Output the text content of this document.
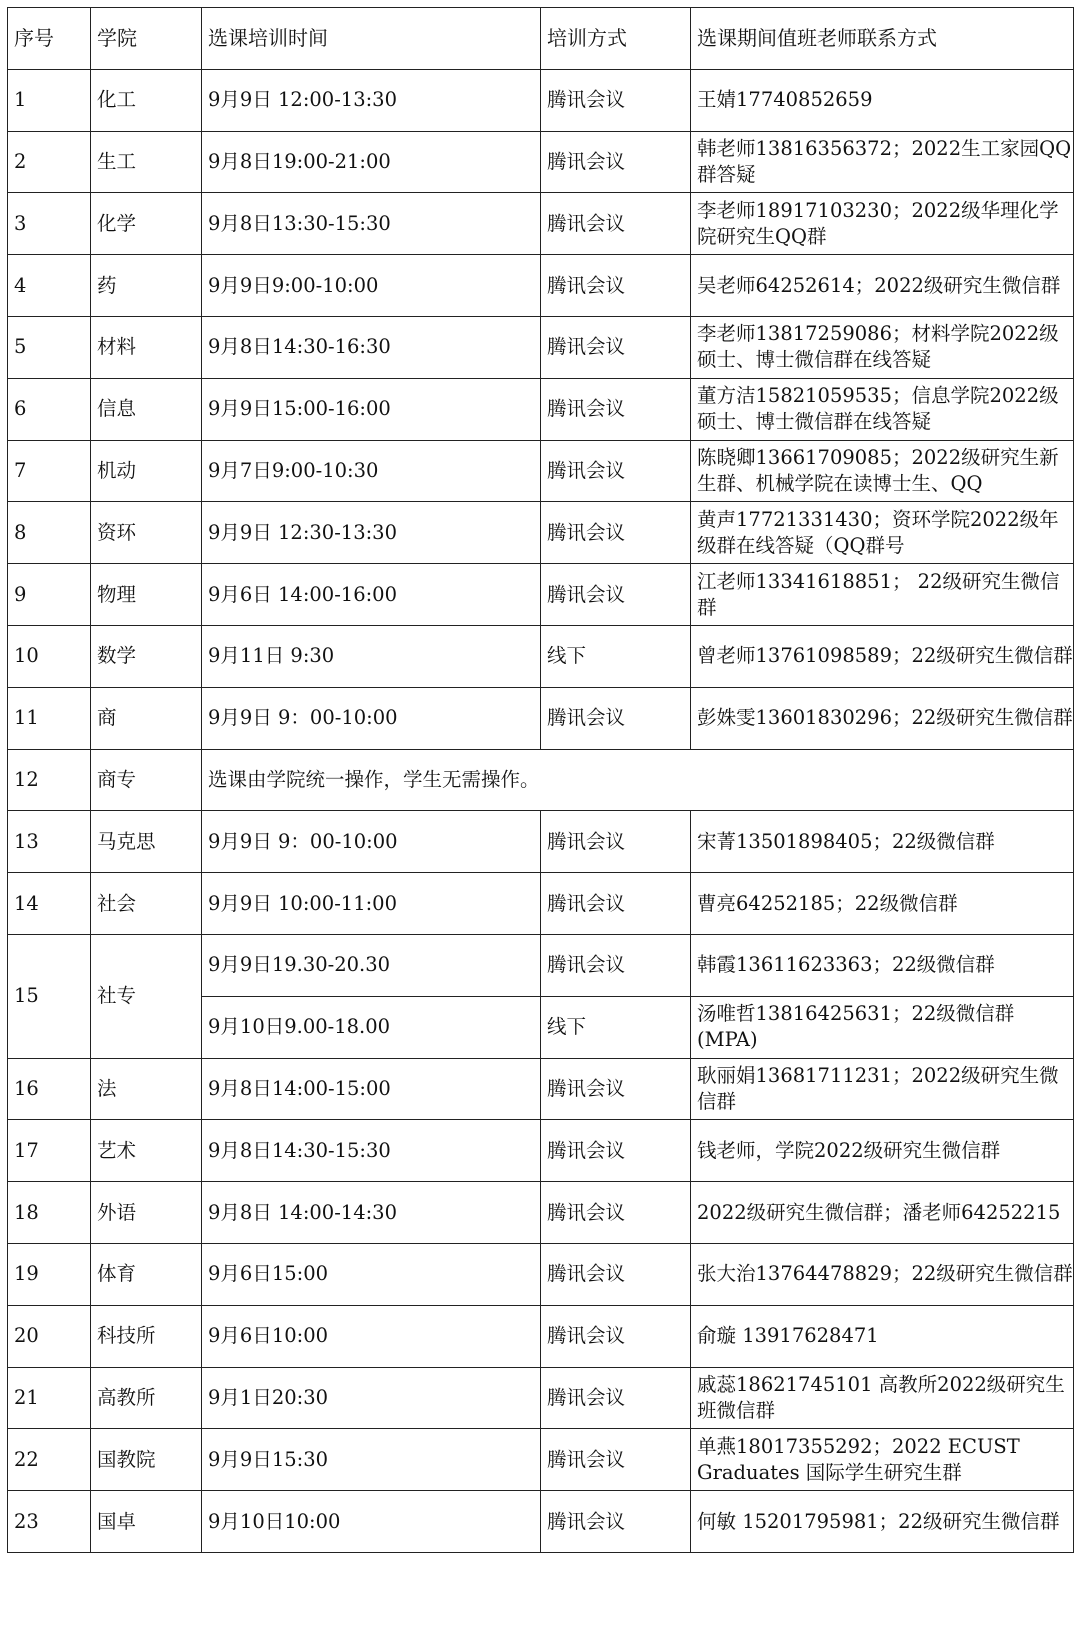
序号	学院	选课培训时间	培训方式	选课期间值班老师联系方式
1	化工	9月9日 12:00-13:30	腾讯会议	王婧17740852659

2	生工	9月8日19:00-21:00	腾讯会议	韩老师13816356372；2022生工家园QQ群答疑

3	化学	9月8日13:30-15:30	腾讯会议	李老师18917103230；2022级华理化学院研究生QQ群

4	药	9月9日9:00-10:00	腾讯会议	吴老师64252614；2022级研究生微信群

5	材料	9月8日14:30-16:30	腾讯会议	李老师13817259086；材料学院2022级硕士、博士微信群在线答疑

6	信息	9月9日15:00-16:00	腾讯会议	董方洁15821059535；信息学院2022级硕士、博士微信群在线答疑

7	机动	9月7日9:00-10:30	腾讯会议	陈晓卿13661709085；2022级研究生新生群、机械学院在读博士生、QQ

8	资环	9月9日 12:30-13:30	腾讯会议	黄声17721331430；资环学院2022级年级群在线答疑（QQ群号

9	物理	9月6日 14:00-16:00	腾讯会议	江老师13341618851； 22级研究生微信群

10	数学	9月11日 9:30	线下	曾老师13761098589；22级研究生微信群

11	商	9月9日 9：00-10:00	腾讯会议	彭姝雯13601830296；22级研究生微信群

12	商专	选课由学院统一操作，学生无需操作。		
13	马克思	9月9日 9：00-10:00	腾讯会议	宋菁13501898405；22级微信群

14	社会	9月9日 10:00-11:00	腾讯会议	曹亮64252185；22级微信群

15	社专	9月9日19.30-20.30	腾讯会议	韩霞13611623363；22级微信群

		9月10日9.00-18.00	线下	汤唯哲13816425631；22级微信群(MPA)

16	法	9月8日14:00-15:00	腾讯会议	耿丽娟13681711231；2022级研究生微信群

17	艺术	9月8日14:30-15:30	腾讯会议	钱老师，学院2022级研究生微信群

18	外语	9月8日 14:00-14:30	腾讯会议	2022级研究生微信群；潘老师64252215

19	体育	9月6日15:00	腾讯会议	张大治13764478829；22级研究生微信群

20	科技所	9月6日10:00	腾讯会议	俞璇 13917628471

21	高教所	9月1日20:30	腾讯会议	戚蕊18621745101 高教所2022级研究生班微信群

22	国教院	9月9日15:30	腾讯会议	单燕18017355292；2022 ECUST Graduates 国际学生研究生群

23	国卓	9月10日10:00	腾讯会议	何敏 15201795981；22级研究生微信群
